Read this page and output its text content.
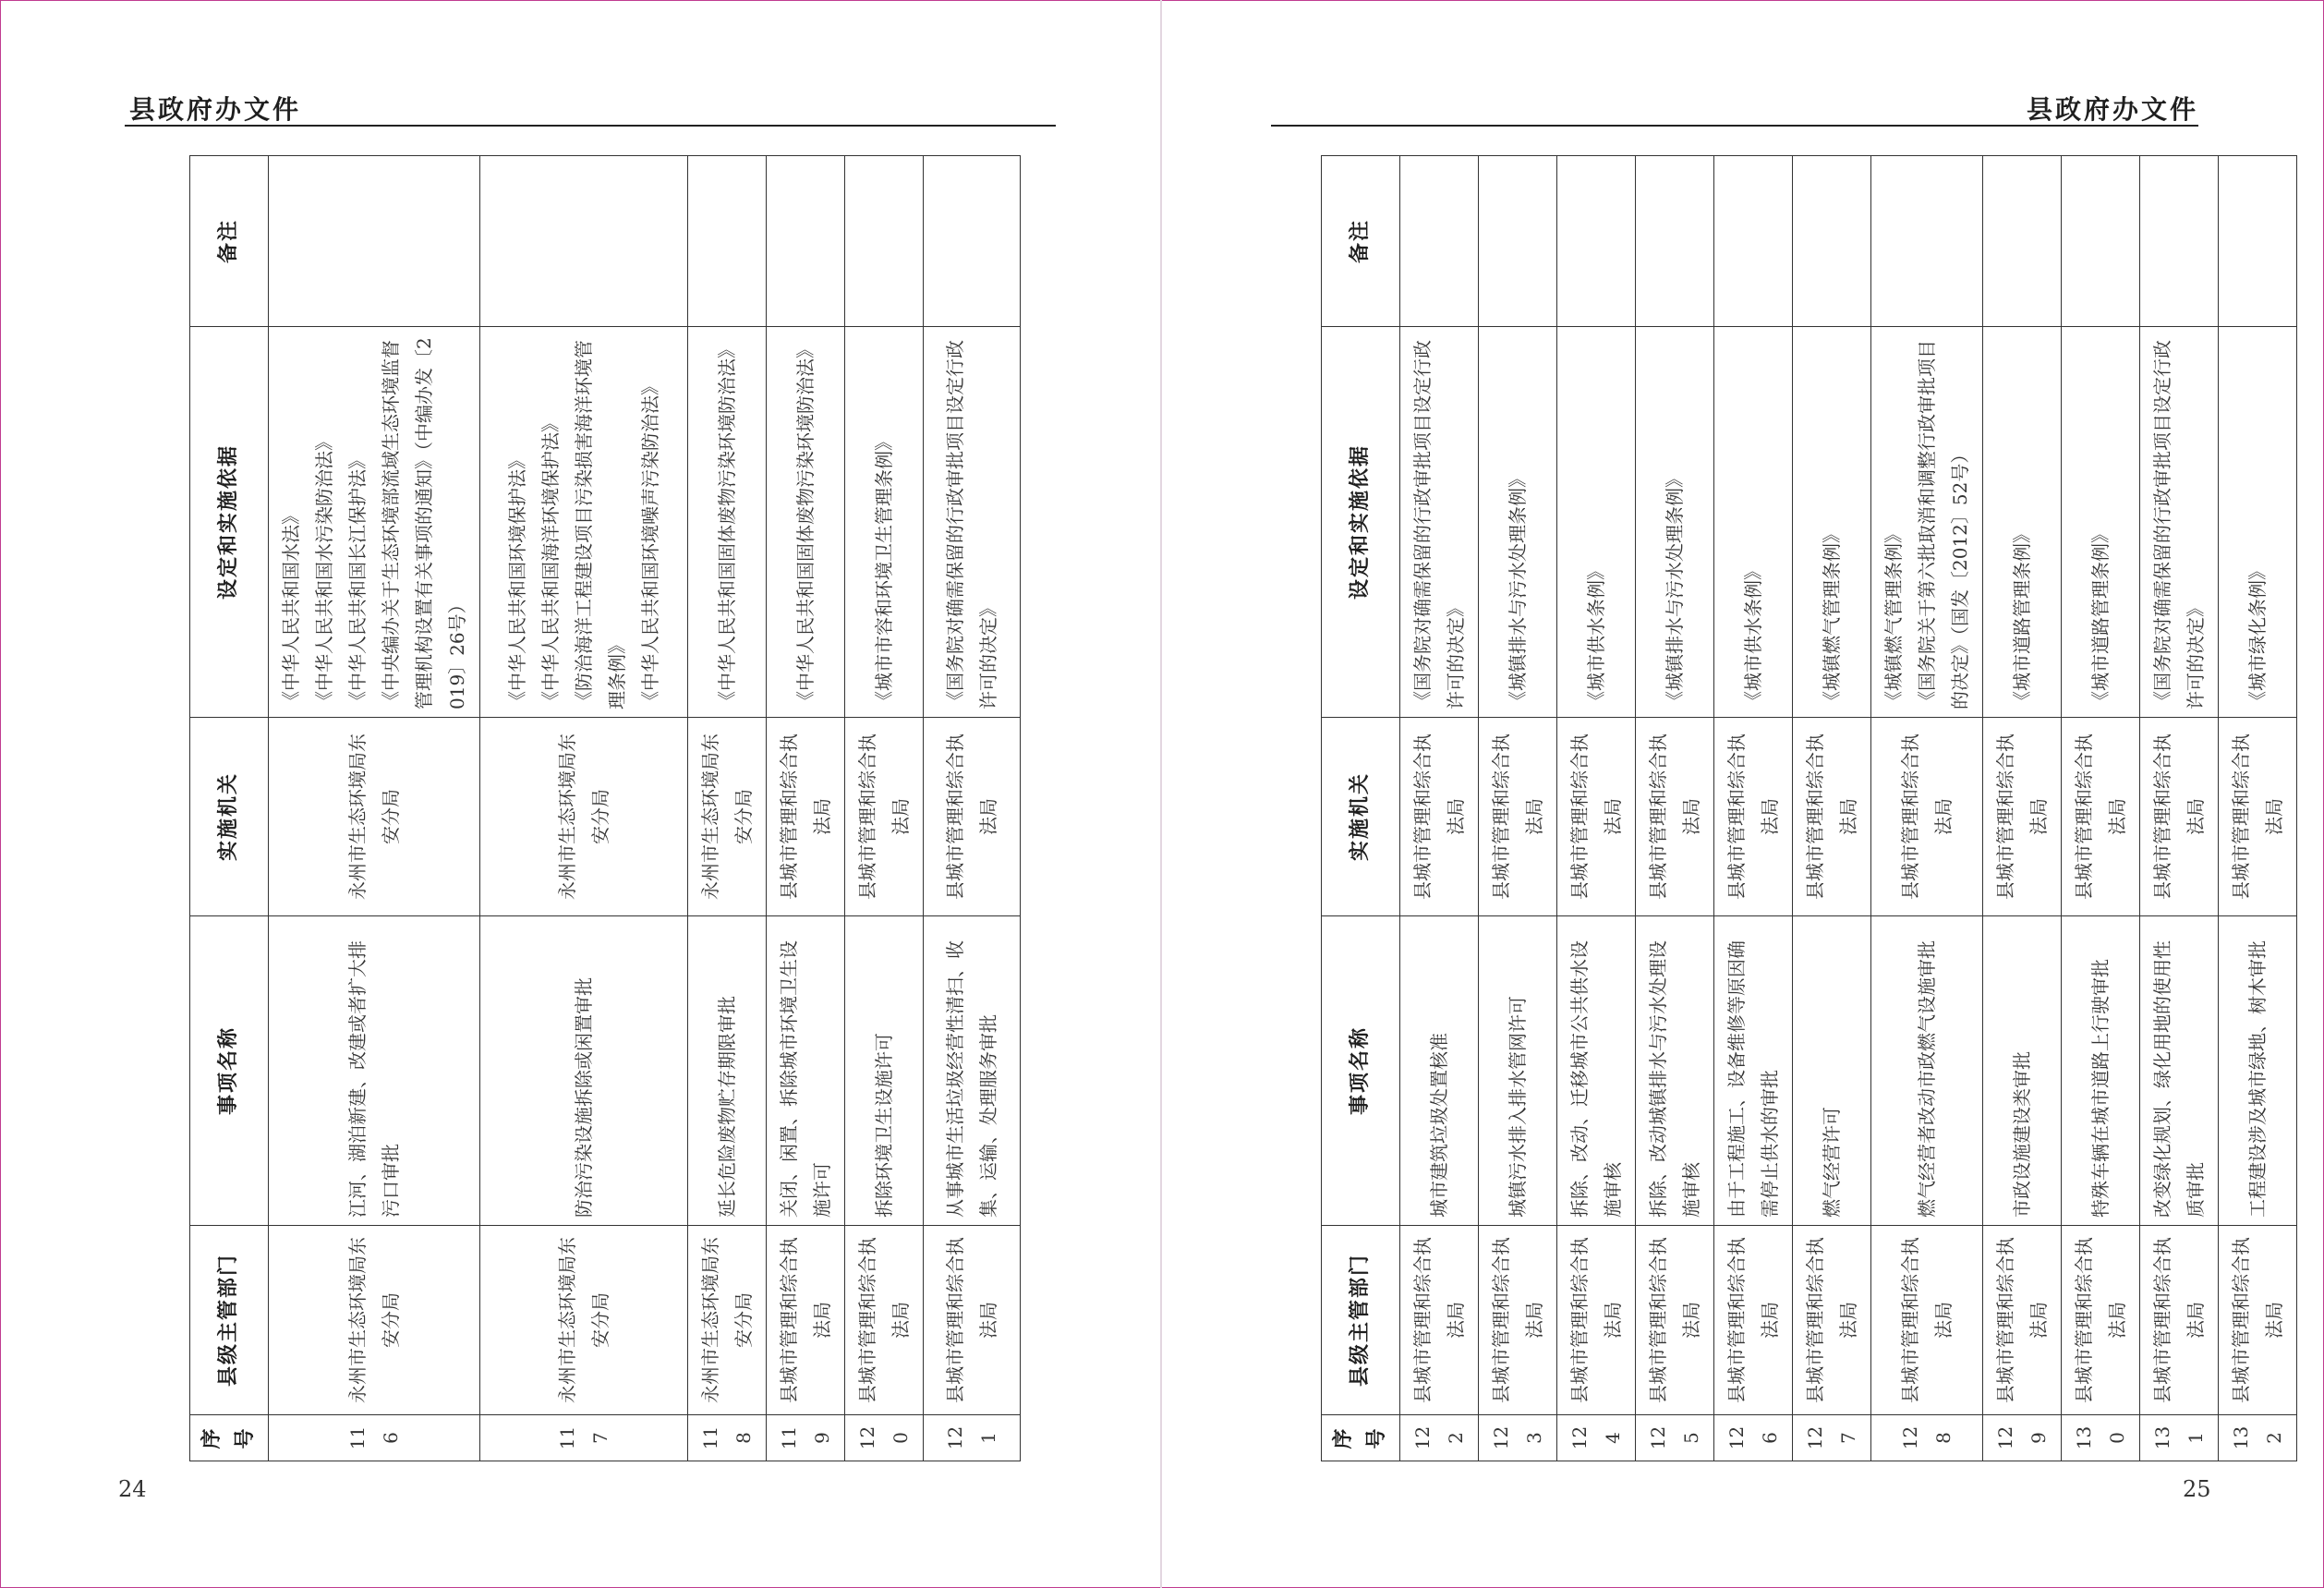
县政府办文件
24
序号	县级主管部门	事项名称	实施机关	设定和实施依据	备注
116	永州市生态环境局东安分局	江河、湖泊新建、改建或者扩大排污口审批	永州市生态环境局东安分局	《中华人民共和国水法》 《中华人民共和国水污染防治法》 《中华人民共和国长江保护法》 《中央编办关于生态环境部流域生态环境监督管理机构设置有关事项的通知》（中编办发〔2019〕26号）	

117	永州市生态环境局东安分局	防治污染设施拆除或闲置审批	永州市生态环境局东安分局	《中华人民共和国环境保护法》 《中华人民共和国海洋环境保护法》 《防治海洋工程建设项目污染损害海洋环境管理条例》 《中华人民共和国环境噪声污染防治法》	

118	永州市生态环境局东安分局	延长危险废物贮存期限审批	永州市生态环境局东安分局	《中华人民共和国固体废物污染环境防治法》	

119	县城市管理和综合执法局	关闭、闲置、拆除城市环境卫生设施许可	县城市管理和综合执法局	《中华人民共和国固体废物污染环境防治法》	

120	县城市管理和综合执法局	拆除环境卫生设施许可	县城市管理和综合执法局	《城市市容和环境卫生管理条例》	

121	县城市管理和综合执法局	从事城市生活垃圾经营性清扫、收集、运输、处理服务审批	县城市管理和综合执法局	《国务院对确需保留的行政审批项目设定行政许可的决定》	

县政府办文件
25
序号	县级主管部门	事项名称	实施机关	设定和实施依据	备注
122	县城市管理和综合执法局	城市建筑垃圾处置核准	县城市管理和综合执法局	《国务院对确需保留的行政审批项目设定行政许可的决定》	

123	县城市管理和综合执法局	城镇污水排入排水管网许可	县城市管理和综合执法局	《城镇排水与污水处理条例》	

124	县城市管理和综合执法局	拆除、改动、迁移城市公共供水设施审核	县城市管理和综合执法局	《城市供水条例》	

125	县城市管理和综合执法局	拆除、改动城镇排水与污水处理设施审核	县城市管理和综合执法局	《城镇排水与污水处理条例》	

126	县城市管理和综合执法局	由于工程施工、设备维修等原因确需停止供水的审批	县城市管理和综合执法局	《城市供水条例》	

127	县城市管理和综合执法局	燃气经营许可	县城市管理和综合执法局	《城镇燃气管理条例》	

128	县城市管理和综合执法局	燃气经营者改动市政燃气设施审批	县城市管理和综合执法局	《城镇燃气管理条例》 《国务院关于第六批取消和调整行政审批项目的决定》（国发〔2012〕52号）	

129	县城市管理和综合执法局	市政设施建设类审批	县城市管理和综合执法局	《城市道路管理条例》	

130	县城市管理和综合执法局	特殊车辆在城市道路上行驶审批	县城市管理和综合执法局	《城市道路管理条例》	

131	县城市管理和综合执法局	改变绿化规划、绿化用地的使用性质审批	县城市管理和综合执法局	《国务院对确需保留的行政审批项目设定行政许可的决定》	

132	县城市管理和综合执法局	工程建设涉及城市绿地、树木审批	县城市管理和综合执法局	《城市绿化条例》	
